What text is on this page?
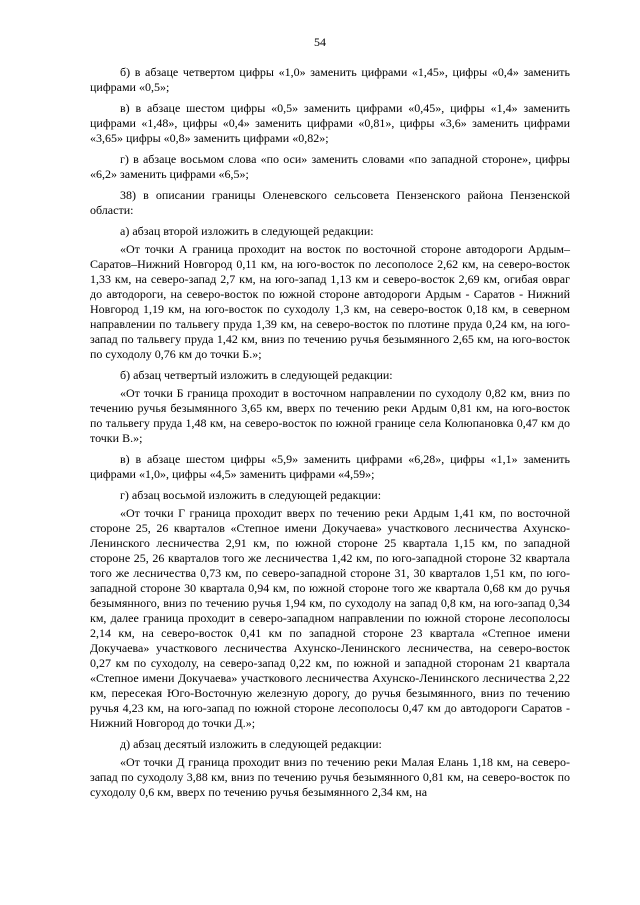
54

б) в абзаце четвертом цифры «1,0» заменить цифрами «1,45», цифры «0,4» заменить цифрами «0,5»;

в) в абзаце шестом цифры «0,5» заменить цифрами «0,45», цифры «1,4» заменить цифрами «1,48», цифры «0,4» заменить цифрами «0,81», цифры «3,6» заменить цифрами «3,65» цифры «0,8» заменить цифрами «0,82»;

г) в абзаце восьмом слова «по оси» заменить словами «по западной стороне», цифры «6,2» заменить цифрами «6,5»;

38) в описании границы Оленевского сельсовета Пензенского района Пензенской области:

а) абзац второй изложить в следующей редакции:

«От точки А граница проходит на восток по восточной стороне автодороги Ардым–Саратов–Нижний Новгород 0,11 км, на юго-восток по лесополосе 2,62 км, на северо-восток 1,33 км, на северо-запад 2,7 км, на юго-запад 1,13 км и северо-восток 2,69 км, огибая овраг до автодороги, на северо-восток по южной стороне автодороги Ардым - Саратов - Нижний Новгород 1,19 км, на юго-восток по суходолу 1,3 км, на северо-восток 0,18 км, в северном направлении по тальвегу пруда 1,39 км, на северо-восток по плотине пруда 0,24 км, на юго-запад по тальвегу пруда 1,42 км, вниз по течению ручья безымянного 2,65 км, на юго-восток по суходолу 0,76 км до точки Б.»;

б) абзац четвертый изложить в следующей редакции:

«От точки Б граница проходит в восточном направлении по суходолу 0,82 км, вниз по течению ручья безымянного 3,65 км, вверх по течению реки Ардым 0,81 км, на юго-восток по тальвегу пруда 1,48 км, на северо-восток по южной границе села Колюпановка 0,47 км до точки В.»;

в) в абзаце шестом цифры «5,9» заменить цифрами «6,28», цифры «1,1» заменить цифрами «1,0», цифры «4,5» заменить цифрами «4,59»;

г) абзац восьмой изложить в следующей редакции:

«От точки Г граница проходит вверх по течению реки Ардым 1,41 км, по восточной стороне 25, 26 кварталов «Степное имени Докучаева» участкового лесничества Ахунско-Ленинского лесничества 2,91 км, по южной стороне 25 квартала 1,15 км, по западной стороне 25, 26 кварталов того же лесничества 1,42 км, по юго-западной стороне 32 квартала того же лесничества 0,73 км, по северо-западной стороне 31, 30 кварталов 1,51 км, по юго-западной стороне 30 квартала 0,94 км, по южной стороне того же квартала 0,68 км до ручья безымянного, вниз по течению ручья 1,94 км, по суходолу на запад 0,8 км, на юго-запад 0,34 км, далее граница проходит в северо-западном направлении по южной стороне лесополосы 2,14 км, на северо-восток 0,41 км по западной стороне 23 квартала «Степное имени Докучаева» участкового лесничества Ахунско-Ленинского лесничества, на северо-восток 0,27 км по суходолу, на северо-запад 0,22 км, по южной и западной сторонам 21 квартала «Степное имени Докучаева» участкового лесничества Ахунско-Ленинского лесничества 2,22 км, пересекая Юго-Восточную железную дорогу, до ручья безымянного, вниз по течению ручья 4,23 км, на юго-запад по южной стороне лесополосы 0,47 км до автодороги Саратов - Нижний Новгород до точки Д.»;

д) абзац десятый изложить в следующей редакции:

«От точки Д граница проходит вниз по течению реки Малая Елань 1,18 км, на северо-запад по суходолу 3,88 км, вниз по течению ручья безымянного 0,81 км, на северо-восток по суходолу 0,6 км, вверх по течению ручья безымянного 2,34 км, на
